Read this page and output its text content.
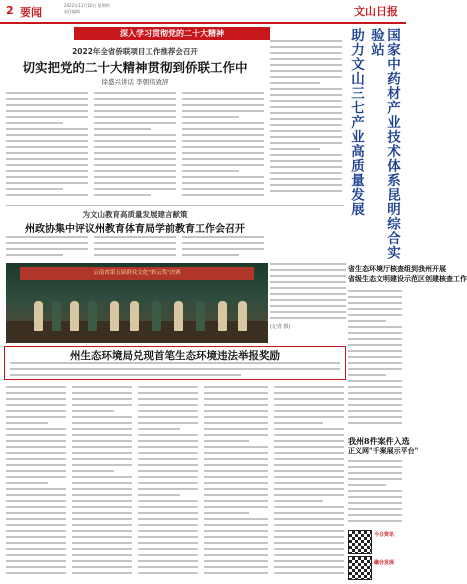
2 要闻
2022年11月10日 星期四
责任编辑	文山日报
深入学习贯彻党的二十大精神
2022年全省侨联项目工作推荐会召开
切实把党的二十大精神贯彻到侨联工作中
徐盛兴讲话 李朝伟致辞
为文山教育高质量发展建言献策
州政协集中评议州教育体育局学前教育工作会召开	国家中药材产业技术体系昆明综合实验站
助力文山三七产业高质量发展
云南省第五届群众文化"彩云奖"决赛
(记者 摄)
省生态环境厅核查组到我州开展
省级生态文明建设示范区创建核查工作
州生态环境局兑现首笔生态环境违法举报奖励
我州8件案件入选
正义网"千案展示平台"
今日资讯
融合发展
